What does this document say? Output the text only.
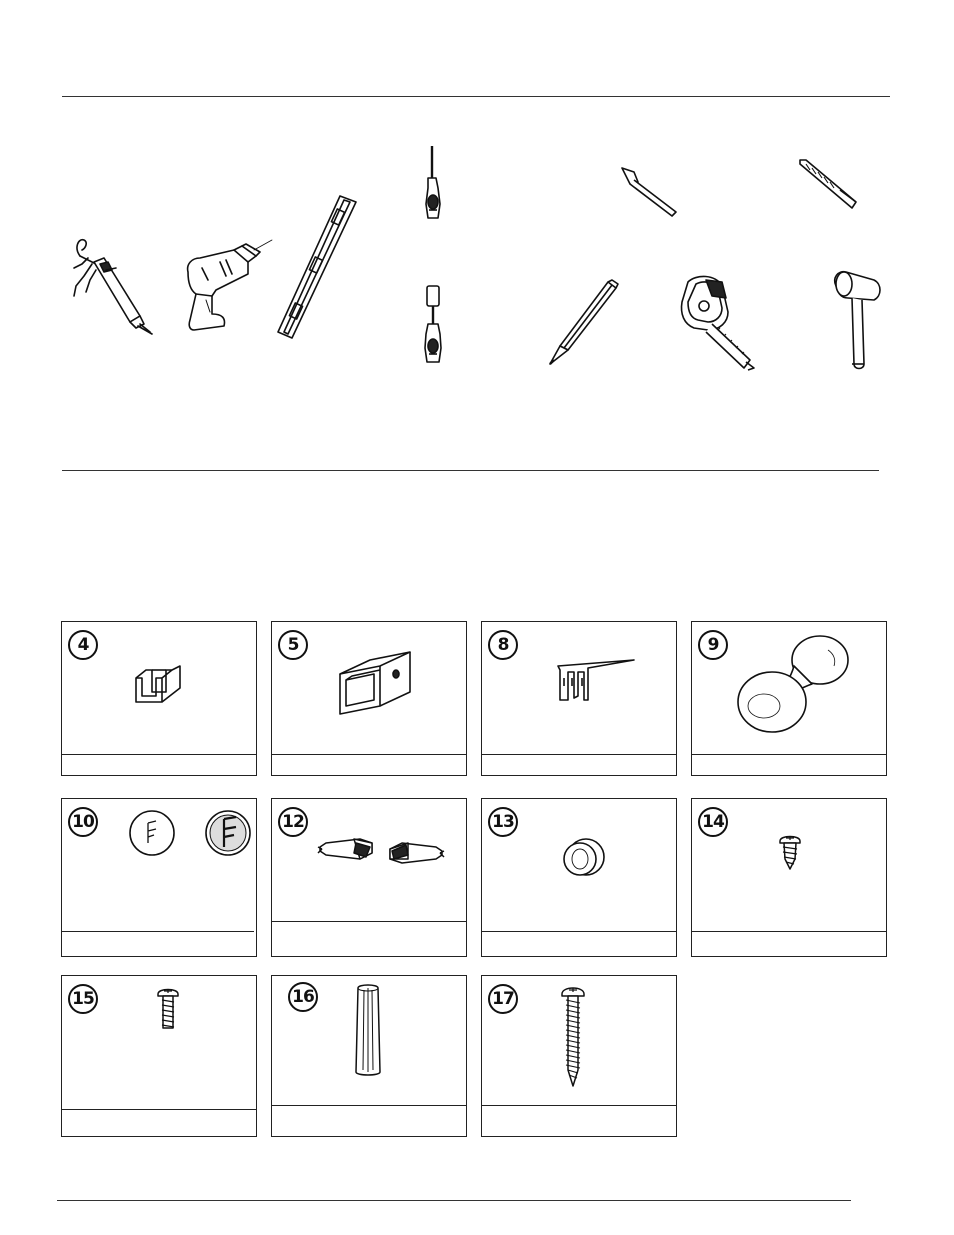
4	5	8	9
10	12	13	14
15	16	17
